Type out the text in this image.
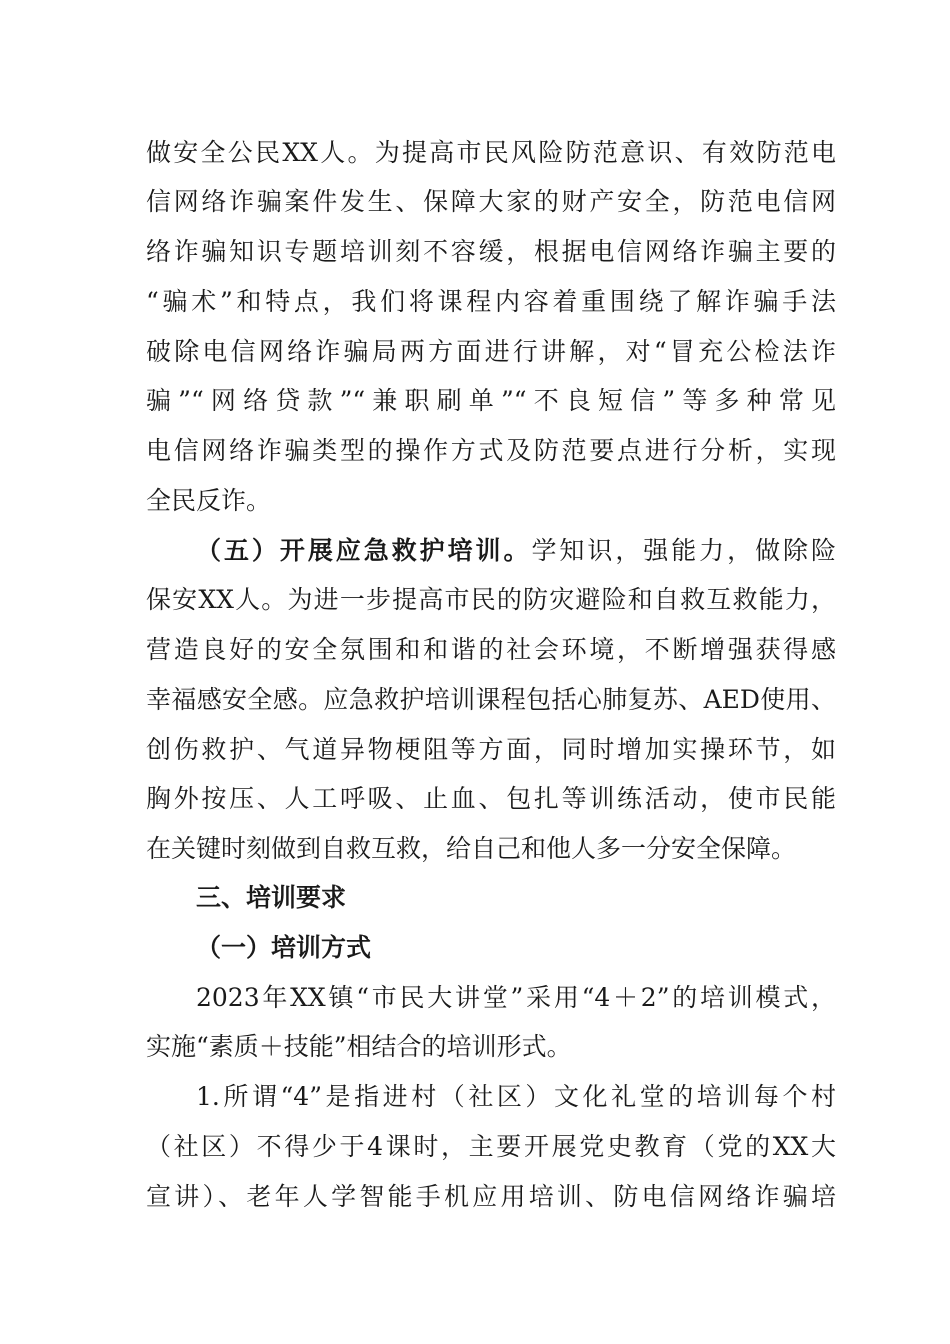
做安全公民XX人。为提高市民风险防范意识、有效防范电
信网络诈骗案件发生、保障大家的财产安全，防范电信网
络诈骗知识专题培训刻不容缓，根据电信网络诈骗主要的
“骗术”和特点，我们将课程内容着重围绕了解诈骗手法
破除电信网络诈骗局两方面进行讲解，对“冒充公检法诈
骗”“网络贷款”“兼职刷单”“不良短信”等多种常见
电信网络诈骗类型的操作方式及防范要点进行分析，实现
全民反诈。
（五）开展应急救护培训。学知识，强能力，做除险
保安XX人。为进一步提高市民的防灾避险和自救互救能力，
营造良好的安全氛围和和谐的社会环境，不断增强获得感
幸福感安全感。应急救护培训课程包括心肺复苏、AED使用、
创伤救护、气道异物梗阻等方面，同时增加实操环节，如
胸外按压、人工呼吸、止血、包扎等训练活动，使市民能
在关键时刻做到自救互救，给自己和他人多一分安全保障。
三、培训要求
（一）培训方式
2023年XX镇“市民大讲堂”采用“4＋2”的培训模式，
实施“素质＋技能”相结合的培训形式。
1.所谓“4”是指进村（社区）文化礼堂的培训每个村
（社区）不得少于4课时，主要开展党史教育（党的XX大
宣讲）、老年人学智能手机应用培训、防电信网络诈骗培
